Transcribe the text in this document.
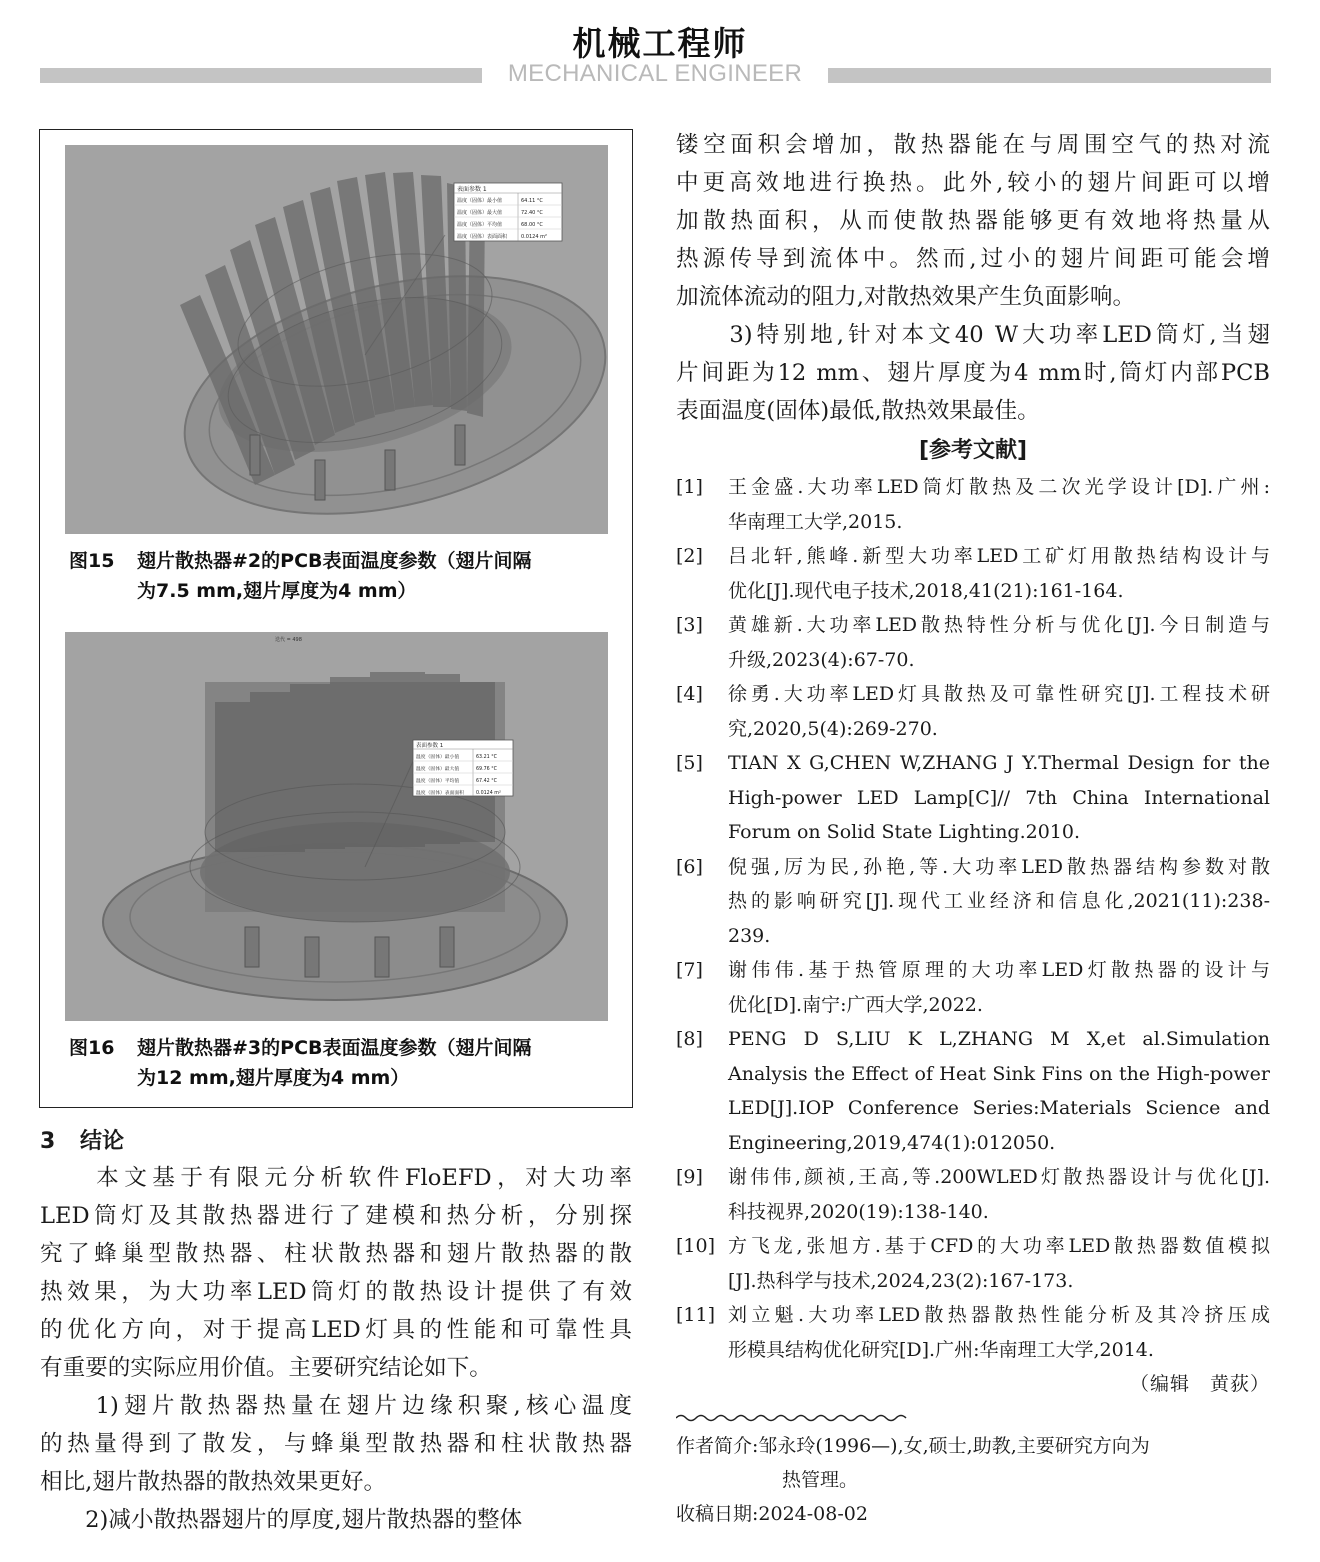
机械工程师
MECHANICAL ENGINEER
表面参数 1
温度（固体）最小值	64.11 °C
温度（固体）最大值	72.40 °C
温度（固体）平均值	68.00 °C
温度（固体）表面面积	0.0124 m²
图15 翅片散热器#2的PCB表面温度参数（翅片间隔
为7.5 mm,翅片厚度为4 mm）
迭代 = 498
表面参数 1
温度（固体）最小值	63.21 °C
温度（固体）最大值	69.76 °C
温度（固体）平均值	67.42 °C
温度（固体）表面面积	0.0124 m²
图16 翅片散热器#3的PCB表面温度参数（翅片间隔
为12 mm,翅片厚度为4 mm）
3 结论
　　本文基于有限元分析软件FloEFD，对大功率
LED筒灯及其散热器进行了建模和热分析，分别探
究了蜂巢型散热器、柱状散热器和翅片散热器的散
热效果，为大功率LED筒灯的散热设计提供了有效
的优化方向，对于提高LED灯具的性能和可靠性具
有重要的实际应用价值。主要研究结论如下。
　　1)翅片散热器热量在翅片边缘积聚,核心温度
的热量得到了散发，与蜂巢型散热器和柱状散热器
相比,翅片散热器的散热效果更好。
　　2)减小散热器翅片的厚度,翅片散热器的整体
镂空面积会增加，散热器能在与周围空气的热对流
中更高效地进行换热。此外,较小的翅片间距可以增
加散热面积，从而使散热器能够更有效地将热量从
热源传导到流体中。然而,过小的翅片间距可能会增
加流体流动的阻力,对散热效果产生负面影响。
　　3)特别地,针对本文40 W大功率LED筒灯,当翅
片间距为12 mm、翅片厚度为4 mm时,筒灯内部PCB
表面温度(固体)最低,散热效果最佳。
[参考文献]
[1]	王金盛.大功率LED筒灯散热及二次光学设计[D].广州:
华南理工大学,2015.
[2]	吕北轩,熊峰.新型大功率LED工矿灯用散热结构设计与
优化[J].现代电子技术,2018,41(21):161-164.
[3]	黄雄新.大功率LED散热特性分析与优化[J].今日制造与
升级,2023(4):67-70.
[4]	徐勇.大功率LED灯具散热及可靠性研究[J].工程技术研
究,2020,5(4):269-270.
[5]	TIAN X G,CHEN W,ZHANG J Y.Thermal Design for the
High-power LED Lamp[C]// 7th China International
Forum on Solid State Lighting.2010.
[6]	倪强,厉为民,孙艳,等.大功率LED散热器结构参数对散
热的影响研究[J].现代工业经济和信息化,2021(11):238-
239.
[7]	谢伟伟.基于热管原理的大功率LED灯散热器的设计与
优化[D].南宁:广西大学,2022.
[8]	PENG D S,LIU K L,ZHANG M X,et al.Simulation
Analysis the Effect of Heat Sink Fins on the High-power
LED[J].IOP Conference Series:Materials Science and
Engineering,2019,474(1):012050.
[9]	谢伟伟,颜祯,王高,等.200WLED灯散热器设计与优化[J].
科技视界,2020(19):138-140.
[10] 方飞龙,张旭方.基于CFD的大功率LED散热器数值模拟
[J].热科学与技术,2024,23(2):167-173.
[11] 刘立魁.大功率LED散热器散热性能分析及其冷挤压成
形模具结构优化研究[D].广州:华南理工大学,2014.
（编辑　黄荻）
作者简介:邹永玲(1996—),女,硕士,助教,主要研究方向为
热管理。
收稿日期:2024-08-02
